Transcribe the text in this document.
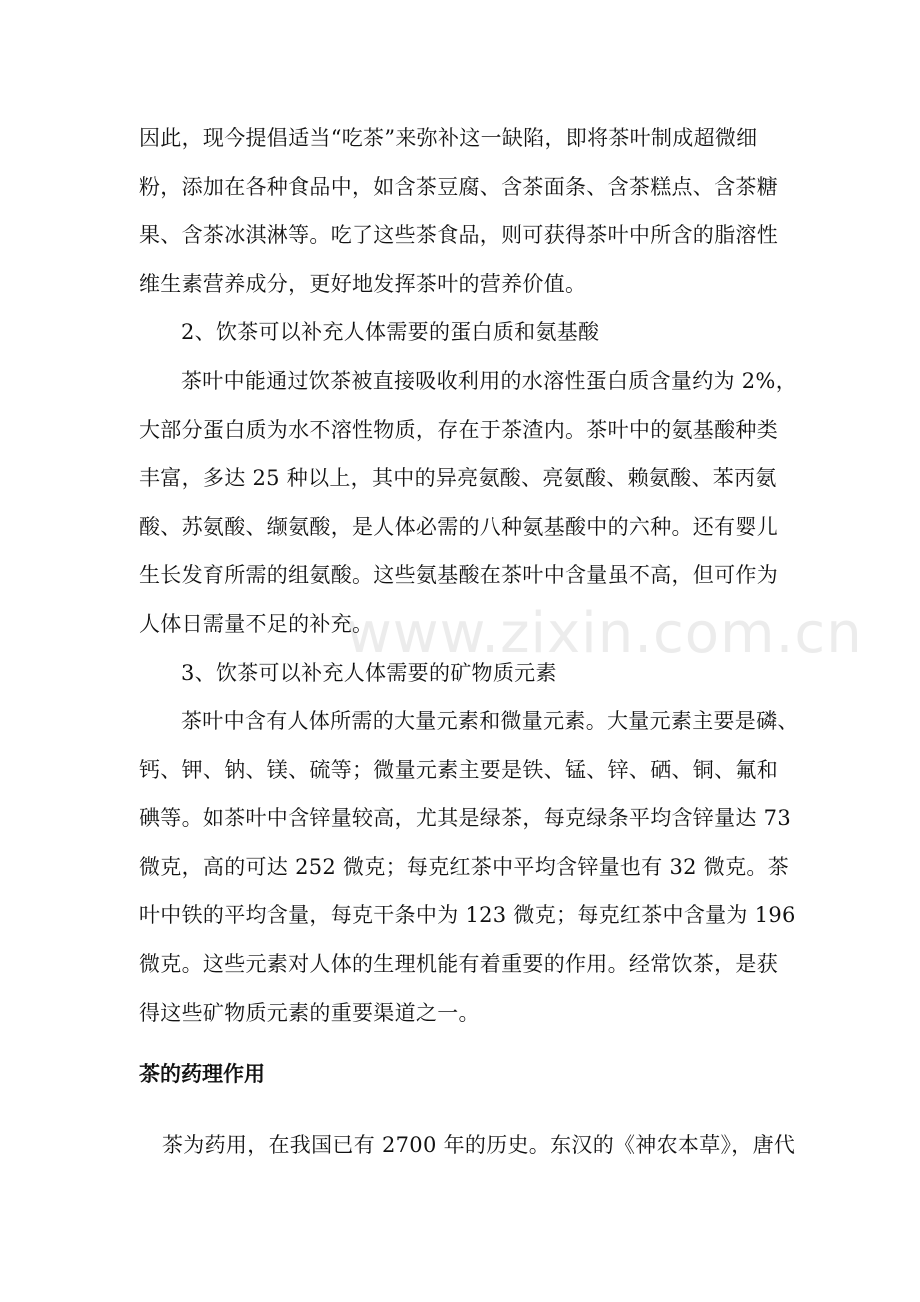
www.zixin.com.cn
因此，现今提倡适当“吃茶”来弥补这一缺陷，即将茶叶制成超微细
粉，添加在各种食品中，如含茶豆腐、含茶面条、含茶糕点、含茶糖
果、含茶冰淇淋等。吃了这些茶食品，则可获得茶叶中所含的脂溶性
维生素营养成分，更好地发挥茶叶的营养价值。
2、饮茶可以补充人体需要的蛋白质和氨基酸
茶叶中能通过饮茶被直接吸收利用的水溶性蛋白质含量约为 2%，
大部分蛋白质为水不溶性物质，存在于茶渣内。茶叶中的氨基酸种类
丰富，多达 25 种以上，其中的异亮氨酸、亮氨酸、赖氨酸、苯丙氨
酸、苏氨酸、缬氨酸，是人体必需的八种氨基酸中的六种。还有婴儿
生长发育所需的组氨酸。这些氨基酸在茶叶中含量虽不高，但可作为
人体日需量不足的补充。
3、饮茶可以补充人体需要的矿物质元素
茶叶中含有人体所需的大量元素和微量元素。大量元素主要是磷、
钙、钾、钠、镁、硫等；微量元素主要是铁、锰、锌、硒、铜、氟和
碘等。如茶叶中含锌量较高，尤其是绿茶，每克绿条平均含锌量达 73
微克，高的可达 252 微克；每克红茶中平均含锌量也有 32 微克。茶
叶中铁的平均含量，每克干条中为 123 微克；每克红茶中含量为 196
微克。这些元素对人体的生理机能有着重要的作用。经常饮茶，是获
得这些矿物质元素的重要渠道之一。
茶的药理作用
茶为药用，在我国已有 2700 年的历史。东汉的《神农本草》，唐代
